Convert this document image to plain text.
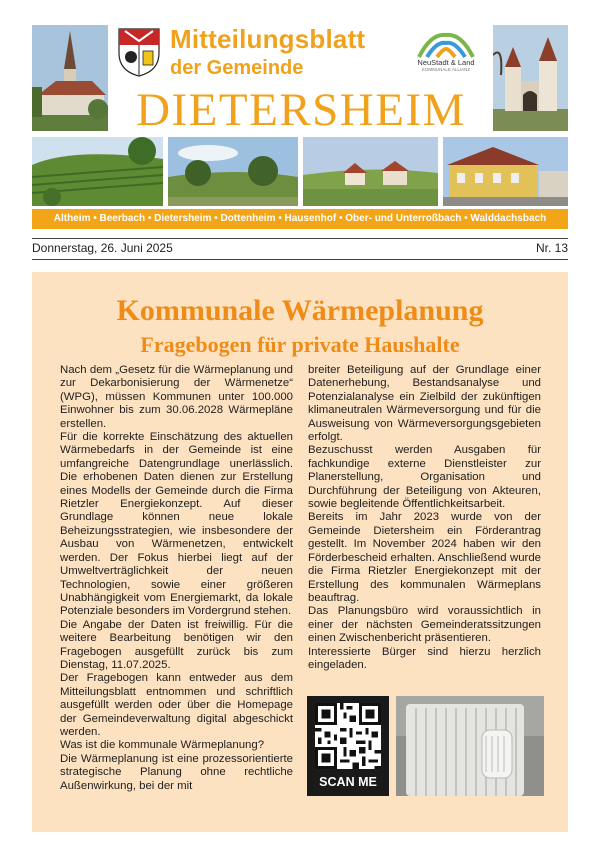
Mitteilungsblatt
der Gemeinde	NeuStadt & Land
KOMMUNALE ALLIANZ
DIETERSHEIM
Altheim • Beerbach • Dietersheim • Dottenheim • Hausenhof • Ober- und Unterroßbach • Walddachsbach
Donnerstag, 26. Juni 2025	Nr. 13
Kommunale Wärmeplanung
Fragebogen für private Haushalte

Nach dem „Gesetz für die Wärmeplanung und zur Dekarbonisierung der Wärmenetze“ (WPG), müssen Kommunen unter 100.000 Einwohner bis zum 30.06.2028 Wärmepläne erstellen.

Für die korrekte Einschätzung des aktuellen Wärmebedarfs in der Gemeinde ist eine umfangreiche Datengrundlage unerlässlich. Die erhobenen Daten dienen zur Erstellung eines Modells der Gemeinde durch die Firma Rietzler Energiekonzept. Auf dieser Grundlage können neue lokale Beheizungsstrategien, wie insbesondere der Ausbau von Wärmenetzen, entwickelt werden. Der Fokus hierbei liegt auf der Umweltverträglichkeit der neuen Technologien, sowie einer größeren Unabhängigkeit vom Energiemarkt, da lokale Potenziale besonders im Vordergrund stehen.

Die Angabe der Daten ist freiwillig. Für die weitere Bearbeitung benötigen wir den Fragebogen ausgefüllt zurück bis zum Dienstag, 11.07.2025.

Der Fragebogen kann entweder aus dem Mitteilungsblatt entnommen und schriftlich ausgefüllt werden oder über die Homepage der Gemeindeverwaltung digital abgeschickt werden.

Was ist die kommunale Wärmeplanung?

Die Wärmeplanung ist eine prozessorientierte strategische Planung ohne rechtliche Außenwirkung, bei der mit

breiter Beteiligung auf der Grundlage einer Datenerhebung, Bestandsanalyse und Potenzialanalyse ein Zielbild der zukünftigen klimaneutralen Wärmeversorgung und für die Ausweisung von Wärmeversorgungsgebieten erfolgt.

Bezuschusst werden Ausgaben für fachkundige externe Dienstleister zur Planerstellung, Organisation und Durchführung der Beteiligung von Akteuren, sowie begleitende Öffentlichkeitsarbeit.

Bereits im Jahr 2023 wurde von der Gemeinde Dietersheim ein Förderantrag gestellt. Im November 2024 haben wir den Förderbescheid erhalten. Anschließend wurde die Firma Rietzler Energiekonzept mit der Erstellung des kommunalen Wärmeplans beauftrag.

Das Planungsbüro wird voraussichtlich in einer der nächsten Gemeinderatssitzungen einen Zwischenbericht präsentieren.

Interessierte Bürger sind hierzu herzlich eingeladen.

SCAN ME
